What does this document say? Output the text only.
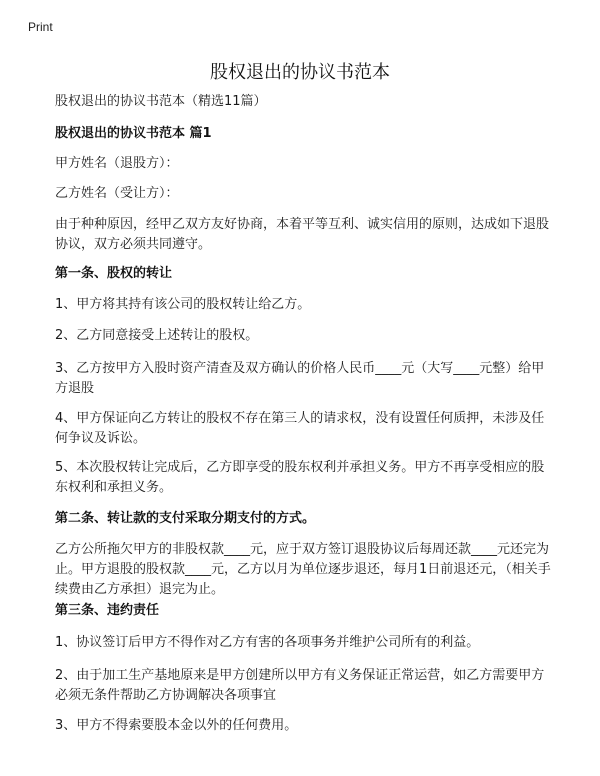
Print
股权退出的协议书范本

股权退出的协议书范本（精选11篇）

股权退出的协议书范本 篇1

甲方姓名（退股方）：

乙方姓名（受让方）：

由于种种原因，经甲乙双方友好协商，本着平等互利、诚实信用的原则，达成如下退股协议，双方必须共同遵守。

第一条、股权的转让

1、甲方将其持有该公司的股权转让给乙方。

2、乙方同意接受上述转让的股权。

3、乙方按甲方入股时资产清查及双方确认的价格人民币____元（大写____元整）给甲方退股

4、甲方保证向乙方转让的股权不存在第三人的请求权，没有设置任何质押，未涉及任何争议及诉讼。

5、本次股权转让完成后，乙方即享受的股东权利并承担义务。甲方不再享受相应的股东权利和承担义务。

第二条、转让款的支付采取分期支付的方式。

乙方公所拖欠甲方的非股权款____元，应于双方签订退股协议后每周还款____元还完为止。甲方退股的股权款____元，乙方以月为单位逐步退还，每月1日前退还元，（相关手续费由乙方承担）退完为止。

第三条、违约责任

1、协议签订后甲方不得作对乙方有害的各项事务并维护公司所有的利益。

2、由于加工生产基地原来是甲方创建所以甲方有义务保证正常运营，如乙方需要甲方必须无条件帮助乙方协调解决各项事宜

3、甲方不得索要股本金以外的任何费用。
